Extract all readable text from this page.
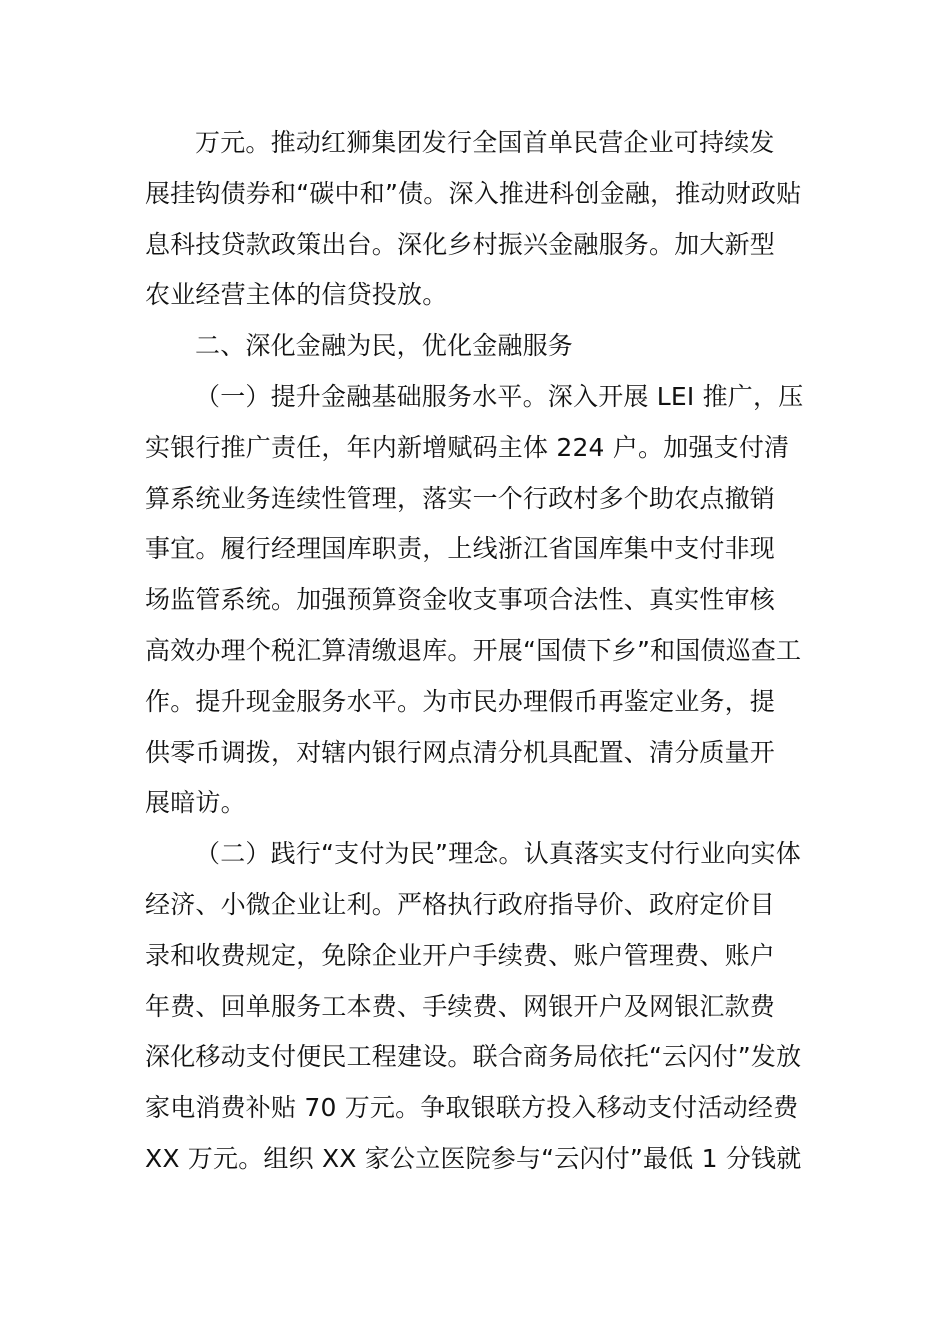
万元。推动红狮集团发行全国首单民营企业可持续发
展挂钩债券和“碳中和”债。深入推进科创金融，推动财政贴
息科技贷款政策出台。深化乡村振兴金融服务。加大新型
农业经营主体的信贷投放。
二、深化金融为民，优化金融服务
（一）提升金融基础服务水平。深入开展 LEI 推广，压
实银行推广责任，年内新增赋码主体 224 户。加强支付清
算系统业务连续性管理，落实一个行政村多个助农点撤销
事宜。履行经理国库职责，上线浙江省国库集中支付非现
场监管系统。加强预算资金收支事项合法性、真实性审核
高效办理个税汇算清缴退库。开展“国债下乡”和国债巡查工
作。提升现金服务水平。为市民办理假币再鉴定业务，提
供零币调拨，对辖内银行网点清分机具配置、清分质量开
展暗访。
（二）践行“支付为民”理念。认真落实支付行业向实体
经济、小微企业让利。严格执行政府指导价、政府定价目
录和收费规定，免除企业开户手续费、账户管理费、账户
年费、回单服务工本费、手续费、网银开户及网银汇款费
深化移动支付便民工程建设。联合商务局依托“云闪付”发放
家电消费补贴 70 万元。争取银联方投入移动支付活动经费
XX 万元。组织 XX 家公立医院参与“云闪付”最低 1 分钱就
